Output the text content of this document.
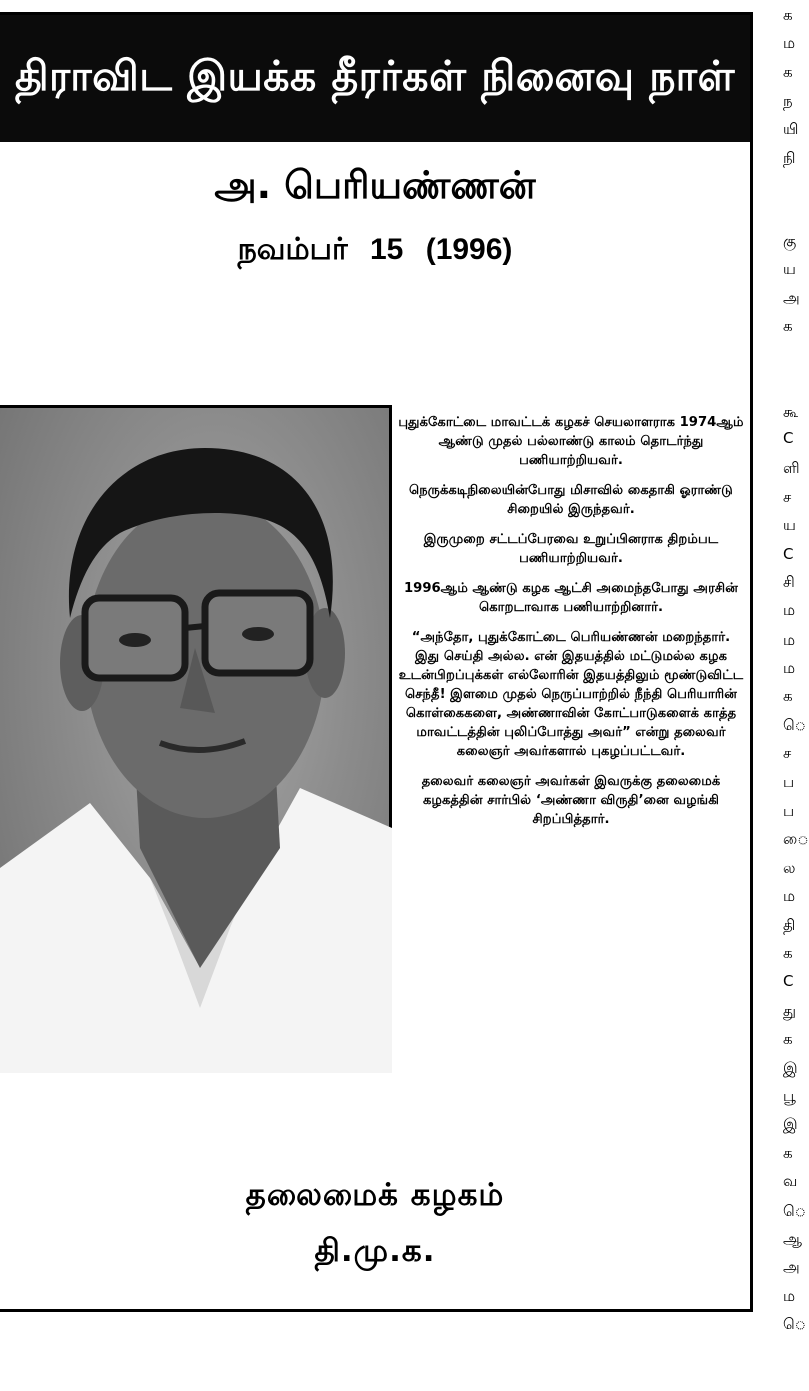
திராவிட இயக்க தீரர்கள் நினைவு நாள்
அ. பெரியண்ணன்
நவம்பர் 15 (1996)

புதுக்கோட்டை மாவட்டக் கழகச் செயலாளராக 1974ஆம் ஆண்டு முதல் பல்லாண்டு காலம் தொடர்ந்து பணியாற்றியவர்.

நெருக்கடிநிலையின்போது மிசாவில் கைதாகி ஓராண்டு சிறையில் இருந்தவர்.

இருமுறை சட்டப்பேரவை உறுப்பினராக திறம்பட பணியாற்றியவர்.

1996ஆம் ஆண்டு கழக ஆட்சி அமைந்தபோது அரசின் கொறடாவாக பணியாற்றினார்.

“அந்தோ, புதுக்கோட்டை பெரியண்ணன் மறைந்தார். இது செய்தி அல்ல. என் இதயத்தில் மட்டுமல்ல கழக உடன்பிறப்புக்கள் எல்லோரின் இதயத்திலும் மூண்டுவிட்ட செந்தீ! இளமை முதல் நெருப்பாற்றில் நீந்தி பெரியாரின் கொள்கைகளை, அண்ணாவின் கோட்பாடுகளைக் காத்த மாவட்டத்தின் புலிப்போத்து அவர்” என்று தலைவர் கலைஞர் அவர்களால் புகழப்பட்டவர்.

தலைவர் கலைஞர் அவர்கள் இவருக்கு தலைமைக் கழகத்தின் சார்பில் ‘அண்ணா விருதி’னை வழங்கி சிறப்பித்தார்.

தலைமைக் கழகம்
தி.மு.க.
க
ம
க
ந
யி
நி
கு
ய
அ
க
கூ
C
ளி
ச
ய
C
சி
ம
ம
ம
க
ெ
ச
ப
ப
ை
ல
ம
தி
க
C
து
க
இ
பூ
இ
க
வ
ெ
ஆ
அ
ம
ெ
